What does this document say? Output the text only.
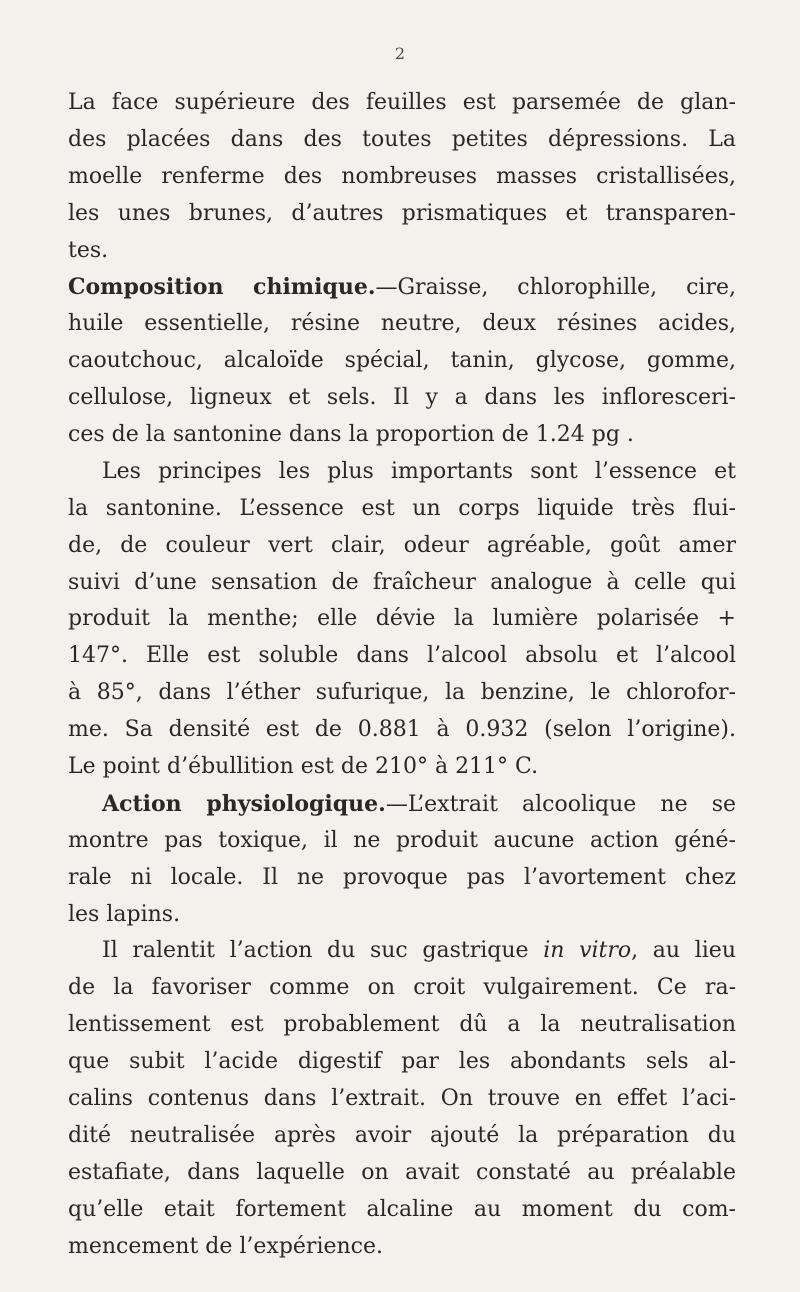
2
La face supérieure des feuilles est parsemée de glan-
des placées dans des toutes petites dépressions. La
moelle renferme des nombreuses masses cristallisées,
les unes brunes, d’autres prismatiques et transparen-
tes.
Composition chimique.—Graisse, chlorophille, cire,
huile essentielle, résine neutre, deux résines acides,
caoutchouc, alcaloïde spécial, tanin, glycose, gomme,
cellulose, ligneux et sels. Il y a dans les infloresceri-
ces de la santonine dans la proportion de 1.24 pg .
Les principes les plus importants sont l’essence et
la santonine. L’essence est un corps liquide très flui-
de, de couleur vert clair, odeur agréable, goût amer
suivi d’une sensation de fraîcheur analogue à celle qui
produit la menthe; elle dévie la lumière polarisée +
147°. Elle est soluble dans l’alcool absolu et l’alcool
à 85°, dans l’éther sufurique, la benzine, le chlorofor-
me. Sa densité est de 0.881 à 0.932 (selon l’origine).
Le point d’ébullition est de 210° à 211° C.
Action physiologique.—L’extrait alcoolique ne se
montre pas toxique, il ne produit aucune action géné-
rale ni locale. Il ne provoque pas l’avortement chez
les lapins.
Il ralentit l’action du suc gastrique in vitro, au lieu
de la favoriser comme on croit vulgairement. Ce ra-
lentissement est probablement dû a la neutralisation
que subit l’acide digestif par les abondants sels al-
calins contenus dans l’extrait. On trouve en effet l’aci-
dité neutralisée après avoir ajouté la préparation du
estafiate, dans laquelle on avait constaté au préalable
qu’elle etait fortement alcaline au moment du com-
mencement de l’expérience.
